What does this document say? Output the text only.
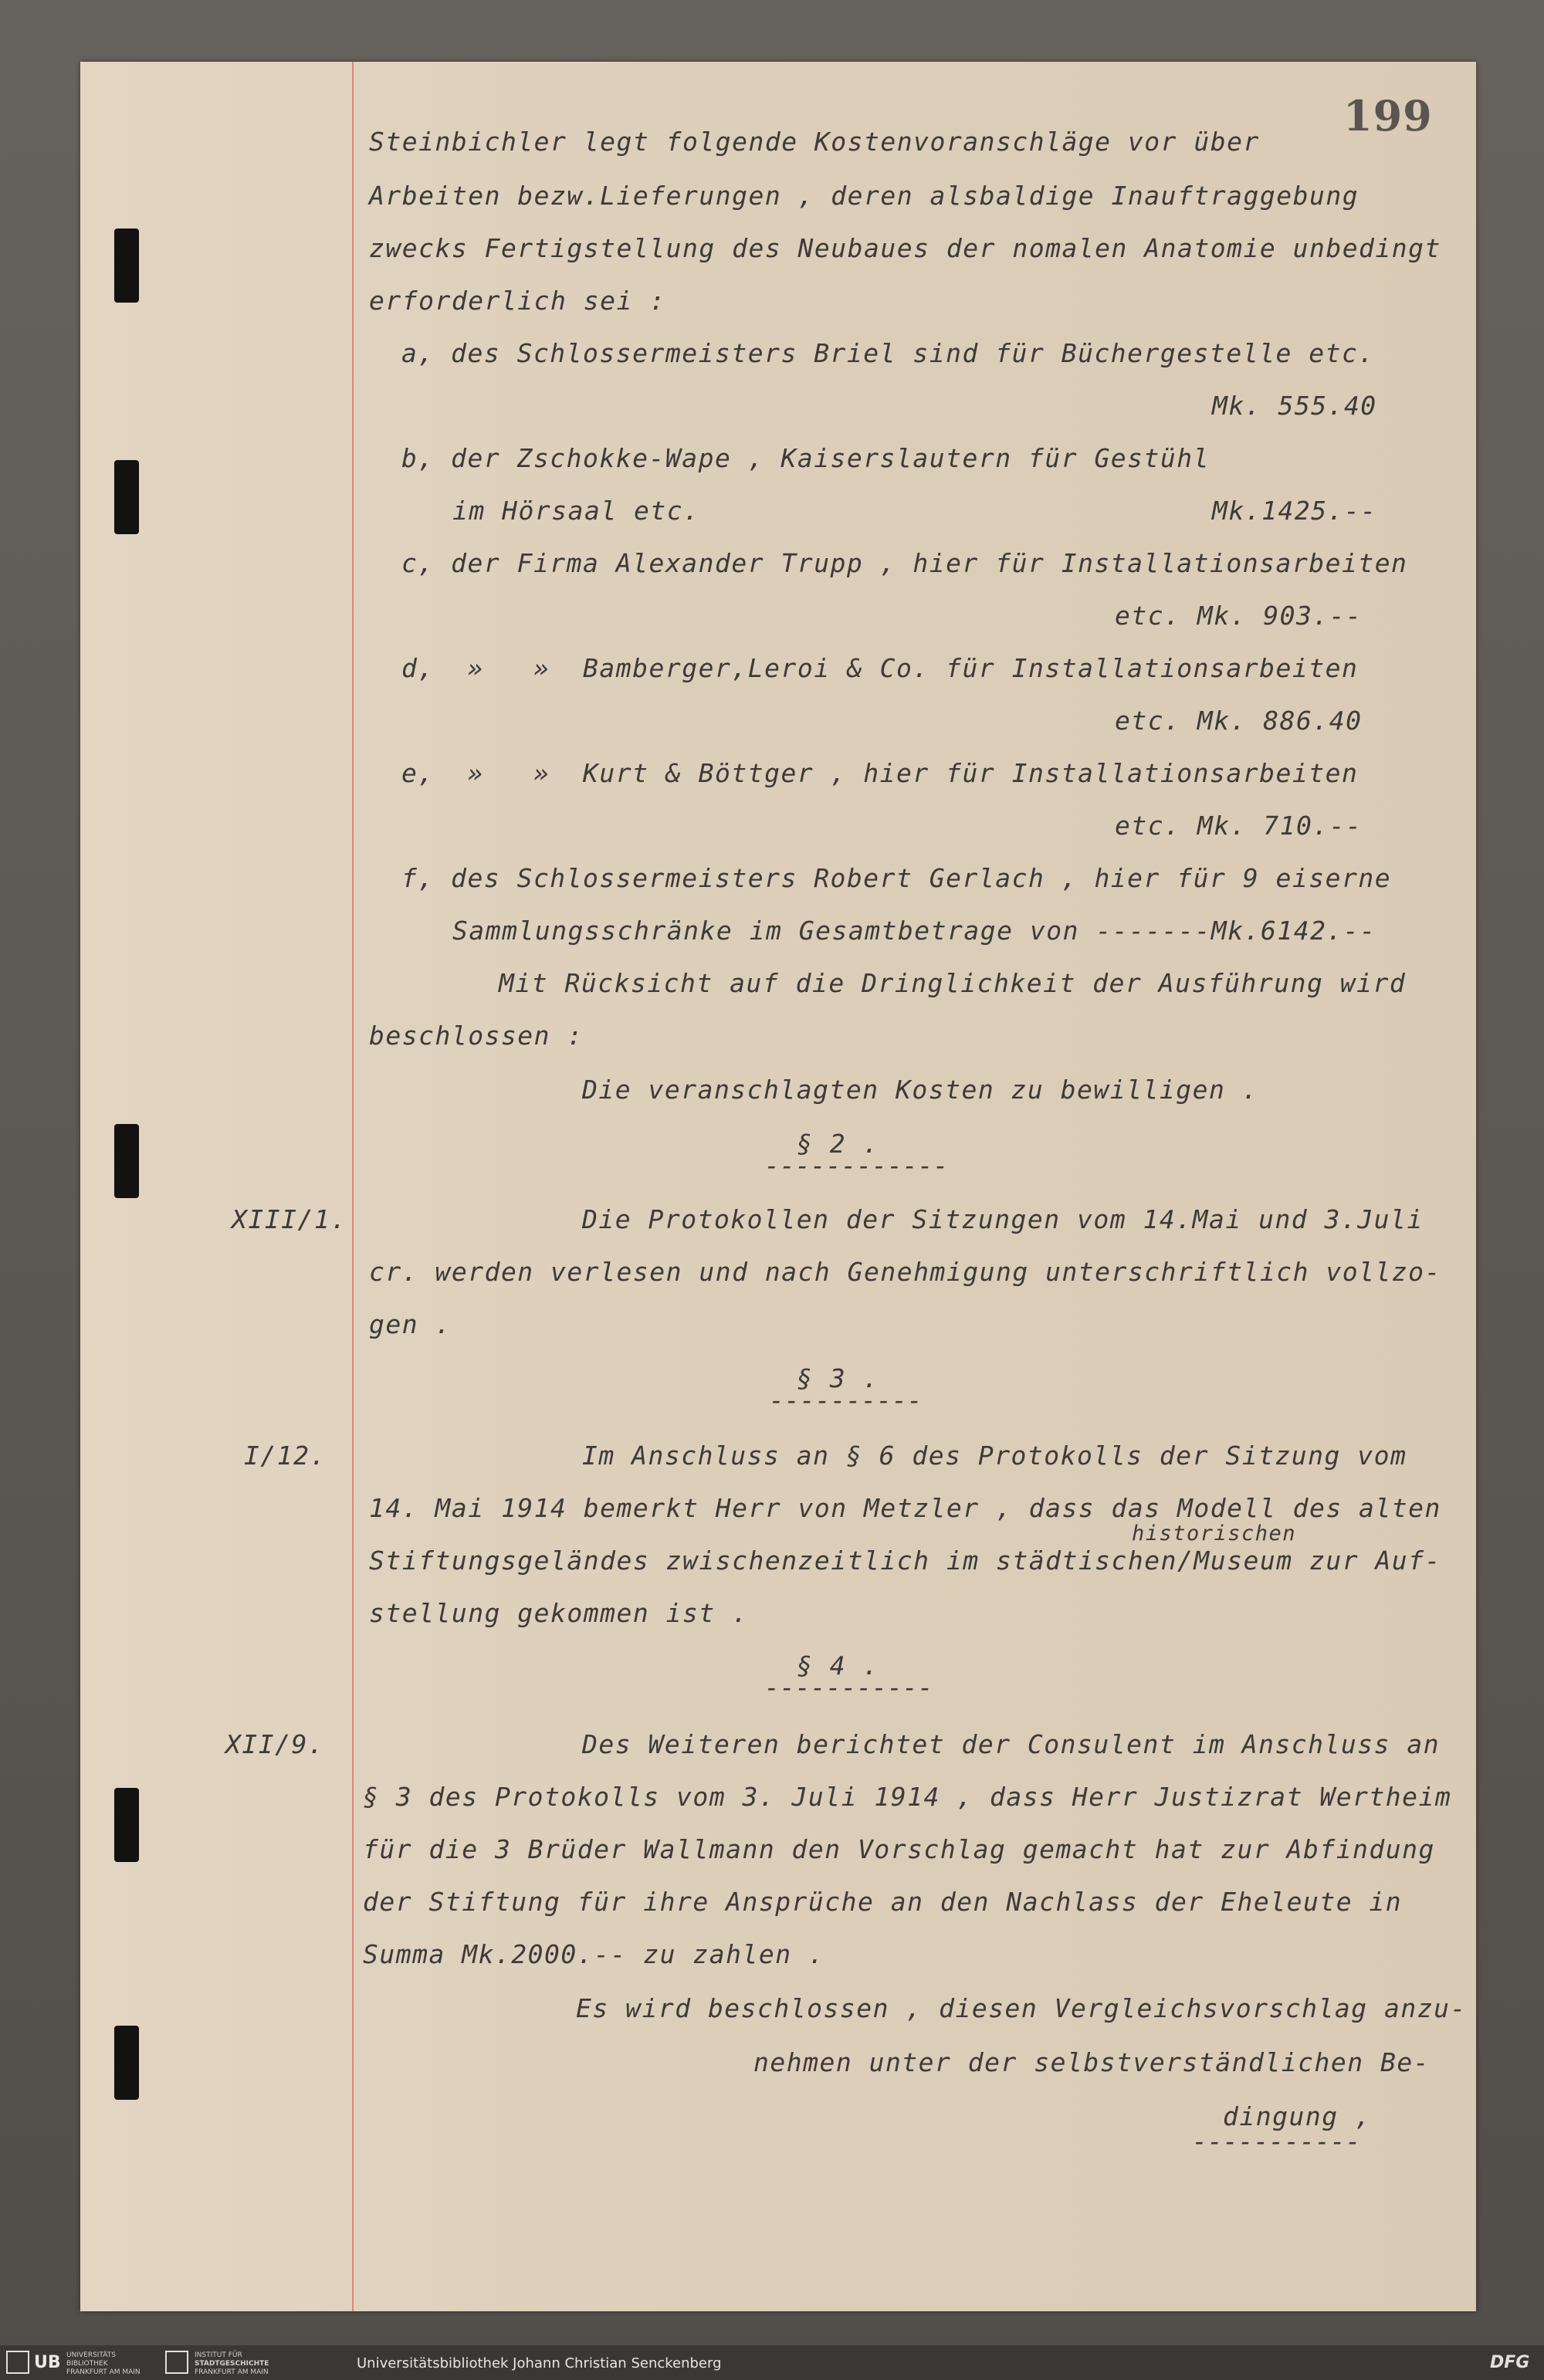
199
Steinbichler legt folgende Kostenvoranschläge vor über
Arbeiten bezw.Lieferungen , deren alsbaldige Inauftraggebung
zwecks Fertigstellung des Neubaues der nomalen Anatomie unbedingt
erforderlich sei :
a, des Schlossermeisters Briel sind für Büchergestelle etc.
Mk. 555.40
b, der Zschokke-Wape , Kaiserslautern für Gestühl
im Hörsaal etc.	Mk.1425.--
c, der Firma Alexander Trupp , hier für Installationsarbeiten
etc. Mk. 903.--
d,  »   »  Bamberger,Leroi & Co. für Installationsarbeiten
etc. Mk. 886.40
e,  »   »  Kurt & Böttger , hier für Installationsarbeiten
etc. Mk. 710.--
f, des Schlossermeisters Robert Gerlach , hier für 9 eiserne
Sammlungsschränke im Gesamtbetrage von -------Mk.6142.--
Mit Rücksicht auf die Dringlichkeit der Ausführung wird
beschlossen :
Die veranschlagten Kosten zu bewilligen .
§ 2 .
------------
XIII/1.	Die Protokollen der Sitzungen vom 14.Mai und 3.Juli
cr. werden verlesen und nach Genehmigung unterschriftlich vollzo-
gen .
§ 3 .
----------
I/12.	Im Anschluss an § 6 des Protokolls der Sitzung vom
14. Mai 1914 bemerkt Herr von Metzler , dass das Modell des alten
historischen
Stiftungsgeländes zwischenzeitlich im städtischen/Museum zur Auf-
stellung gekommen ist .
§ 4 .
-----------
XII/9.	Des Weiteren berichtet der Consulent im Anschluss an
§ 3 des Protokolls vom 3. Juli 1914 , dass Herr Justizrat Wertheim
für die 3 Brüder Wallmann den Vorschlag gemacht hat zur Abfindung
der Stiftung für ihre Ansprüche an den Nachlass der Eheleute in
Summa Mk.2000.-- zu zahlen .
Es wird beschlossen , diesen Vergleichsvorschlag anzu-
nehmen unter der selbstverständlichen Be-
dingung ,
-----------
UB UNIVERSITÄTS
BIBLIOTHEK
FRANKFURT AM MAIN
INSTITUT FÜR
STADTGESCHICHTE
FRANKFURT AM MAIN
Universitätsbibliothek Johann Christian Senckenberg	DFG
